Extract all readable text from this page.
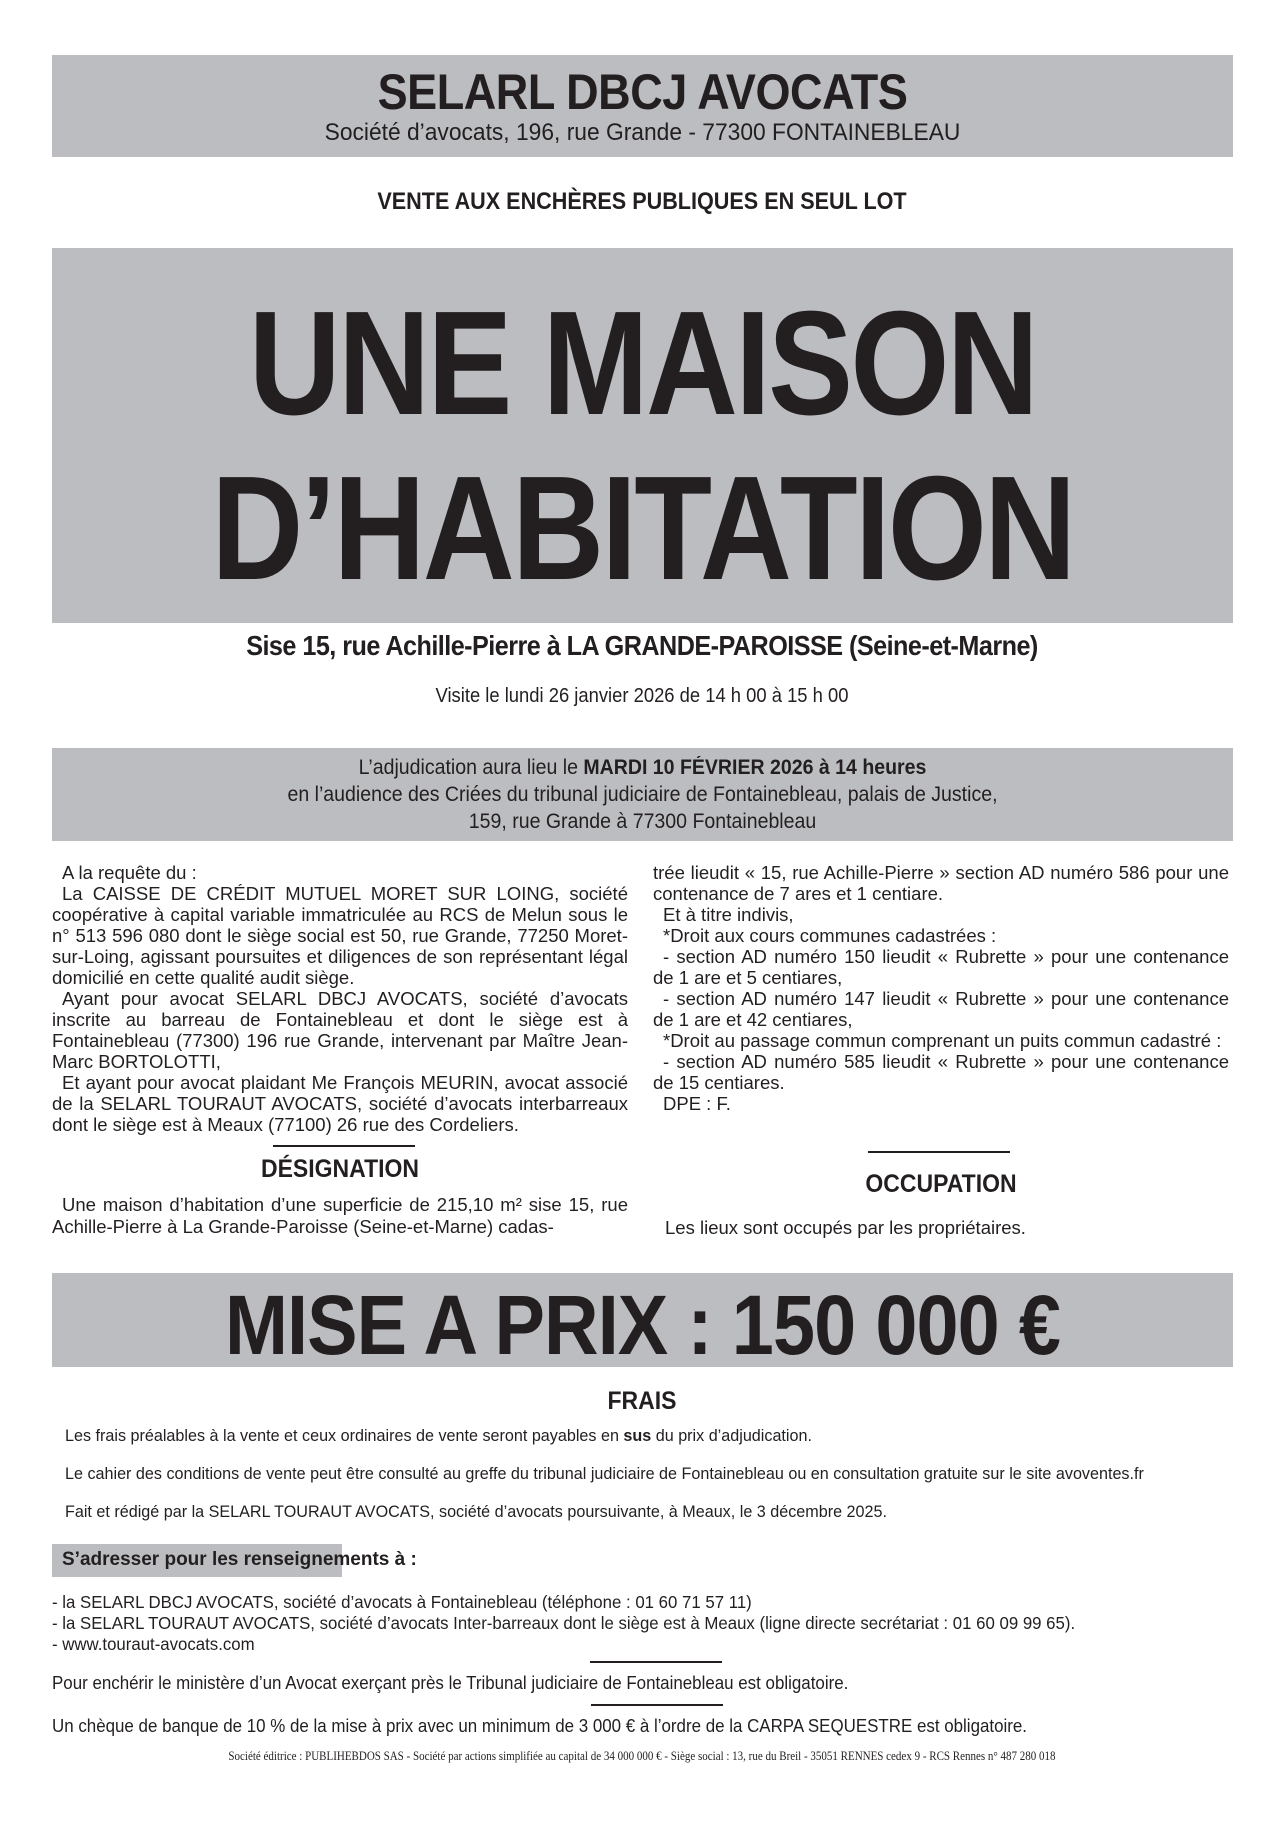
SELARL DBCJ AVOCATS
Société d’avocats, 196, rue Grande - 77300 FONTAINEBLEAU
VENTE AUX ENCHÈRES PUBLIQUES EN SEUL LOT
UNE MAISON
D’HABITATION
Sise 15, rue Achille-Pierre à LA GRANDE-PAROISSE (Seine-et-Marne)
Visite le lundi 26 janvier 2026 de 14 h 00 à 15 h 00
L’adjudication aura lieu le MARDI 10 FÉVRIER 2026 à 14 heures
en l’audience des Criées du tribunal judiciaire de Fontainebleau, palais de Justice,
159, rue Grande à 77300 Fontainebleau

A la requête du :

La CAISSE DE CRÉDIT MUTUEL MORET SUR LOING, société coopérative à capital variable immatriculée au RCS de Melun sous le n° 513 596 080 dont le siège social est 50, rue Grande, 77250 Moret-sur-Loing, agissant poursuites et diligences de son représentant légal domicilié en cette qualité audit siège.

Ayant pour avocat SELARL DBCJ AVOCATS, société d’avocats inscrite au barreau de Fontainebleau et dont le siège est à Fontainebleau (77300) 196 rue Grande, intervenant par Maître Jean-Marc BORTOLOTTI,

Et ayant pour avocat plaidant Me François MEURIN, avocat associé de la SELARL TOURAUT AVOCATS, société d’avocats interbarreaux dont le siège est à Meaux (77100) 26 rue des Cordeliers.

trée lieudit « 15, rue Achille-Pierre » section AD numéro 586 pour une contenance de 7 ares et 1 centiare.

Et à titre indivis,

*Droit aux cours communes cadastrées :

- section AD numéro 150 lieudit « Rubrette » pour une contenance de 1 are et 5 centiares,

- section AD numéro 147 lieudit « Rubrette » pour une contenance de 1 are et 42 centiares,

*Droit au passage commun comprenant un puits commun cadastré :

- section AD numéro 585 lieudit « Rubrette » pour une contenance de 15 centiares.

DPE : F.

DÉSIGNATION

Une maison d’habitation d’une superficie de 215,10 m² sise 15, rue Achille-Pierre à La Grande-Paroisse (Seine-et-Marne) cadas-

OCCUPATION
Les lieux sont occupés par les propriétaires.
MISE A PRIX : 150 000 €
FRAIS
Les frais préalables à la vente et ceux ordinaires de vente seront payables en sus du prix d’adjudication.
Le cahier des conditions de vente peut être consulté au greffe du tribunal judiciaire de Fontainebleau ou en consultation gratuite sur le site avoventes.fr
Fait et rédigé par la SELARL TOURAUT AVOCATS, société d’avocats poursuivante, à Meaux, le 3 décembre 2025.
S’adresser pour les renseignements à :
- la SELARL DBCJ AVOCATS, société d’avocats à Fontainebleau (téléphone : 01 60 71 57 11)
- la SELARL TOURAUT AVOCATS, société d’avocats Inter-barreaux dont le siège est à Meaux (ligne directe secrétariat : 01 60 09 99 65).
- www.touraut-avocats.com
Pour enchérir le ministère d’un Avocat exerçant près le Tribunal judiciaire de Fontainebleau est obligatoire.
Un chèque de banque de 10 % de la mise à prix avec un minimum de 3 000 € à l’ordre de la CARPA SEQUESTRE est obligatoire.
Société éditrice : PUBLIHEBDOS SAS - Société par actions simplifiée au capital de 34 000 000 € - Siège social : 13, rue du Breil - 35051 RENNES cedex 9 - RCS Rennes n° 487 280 018
